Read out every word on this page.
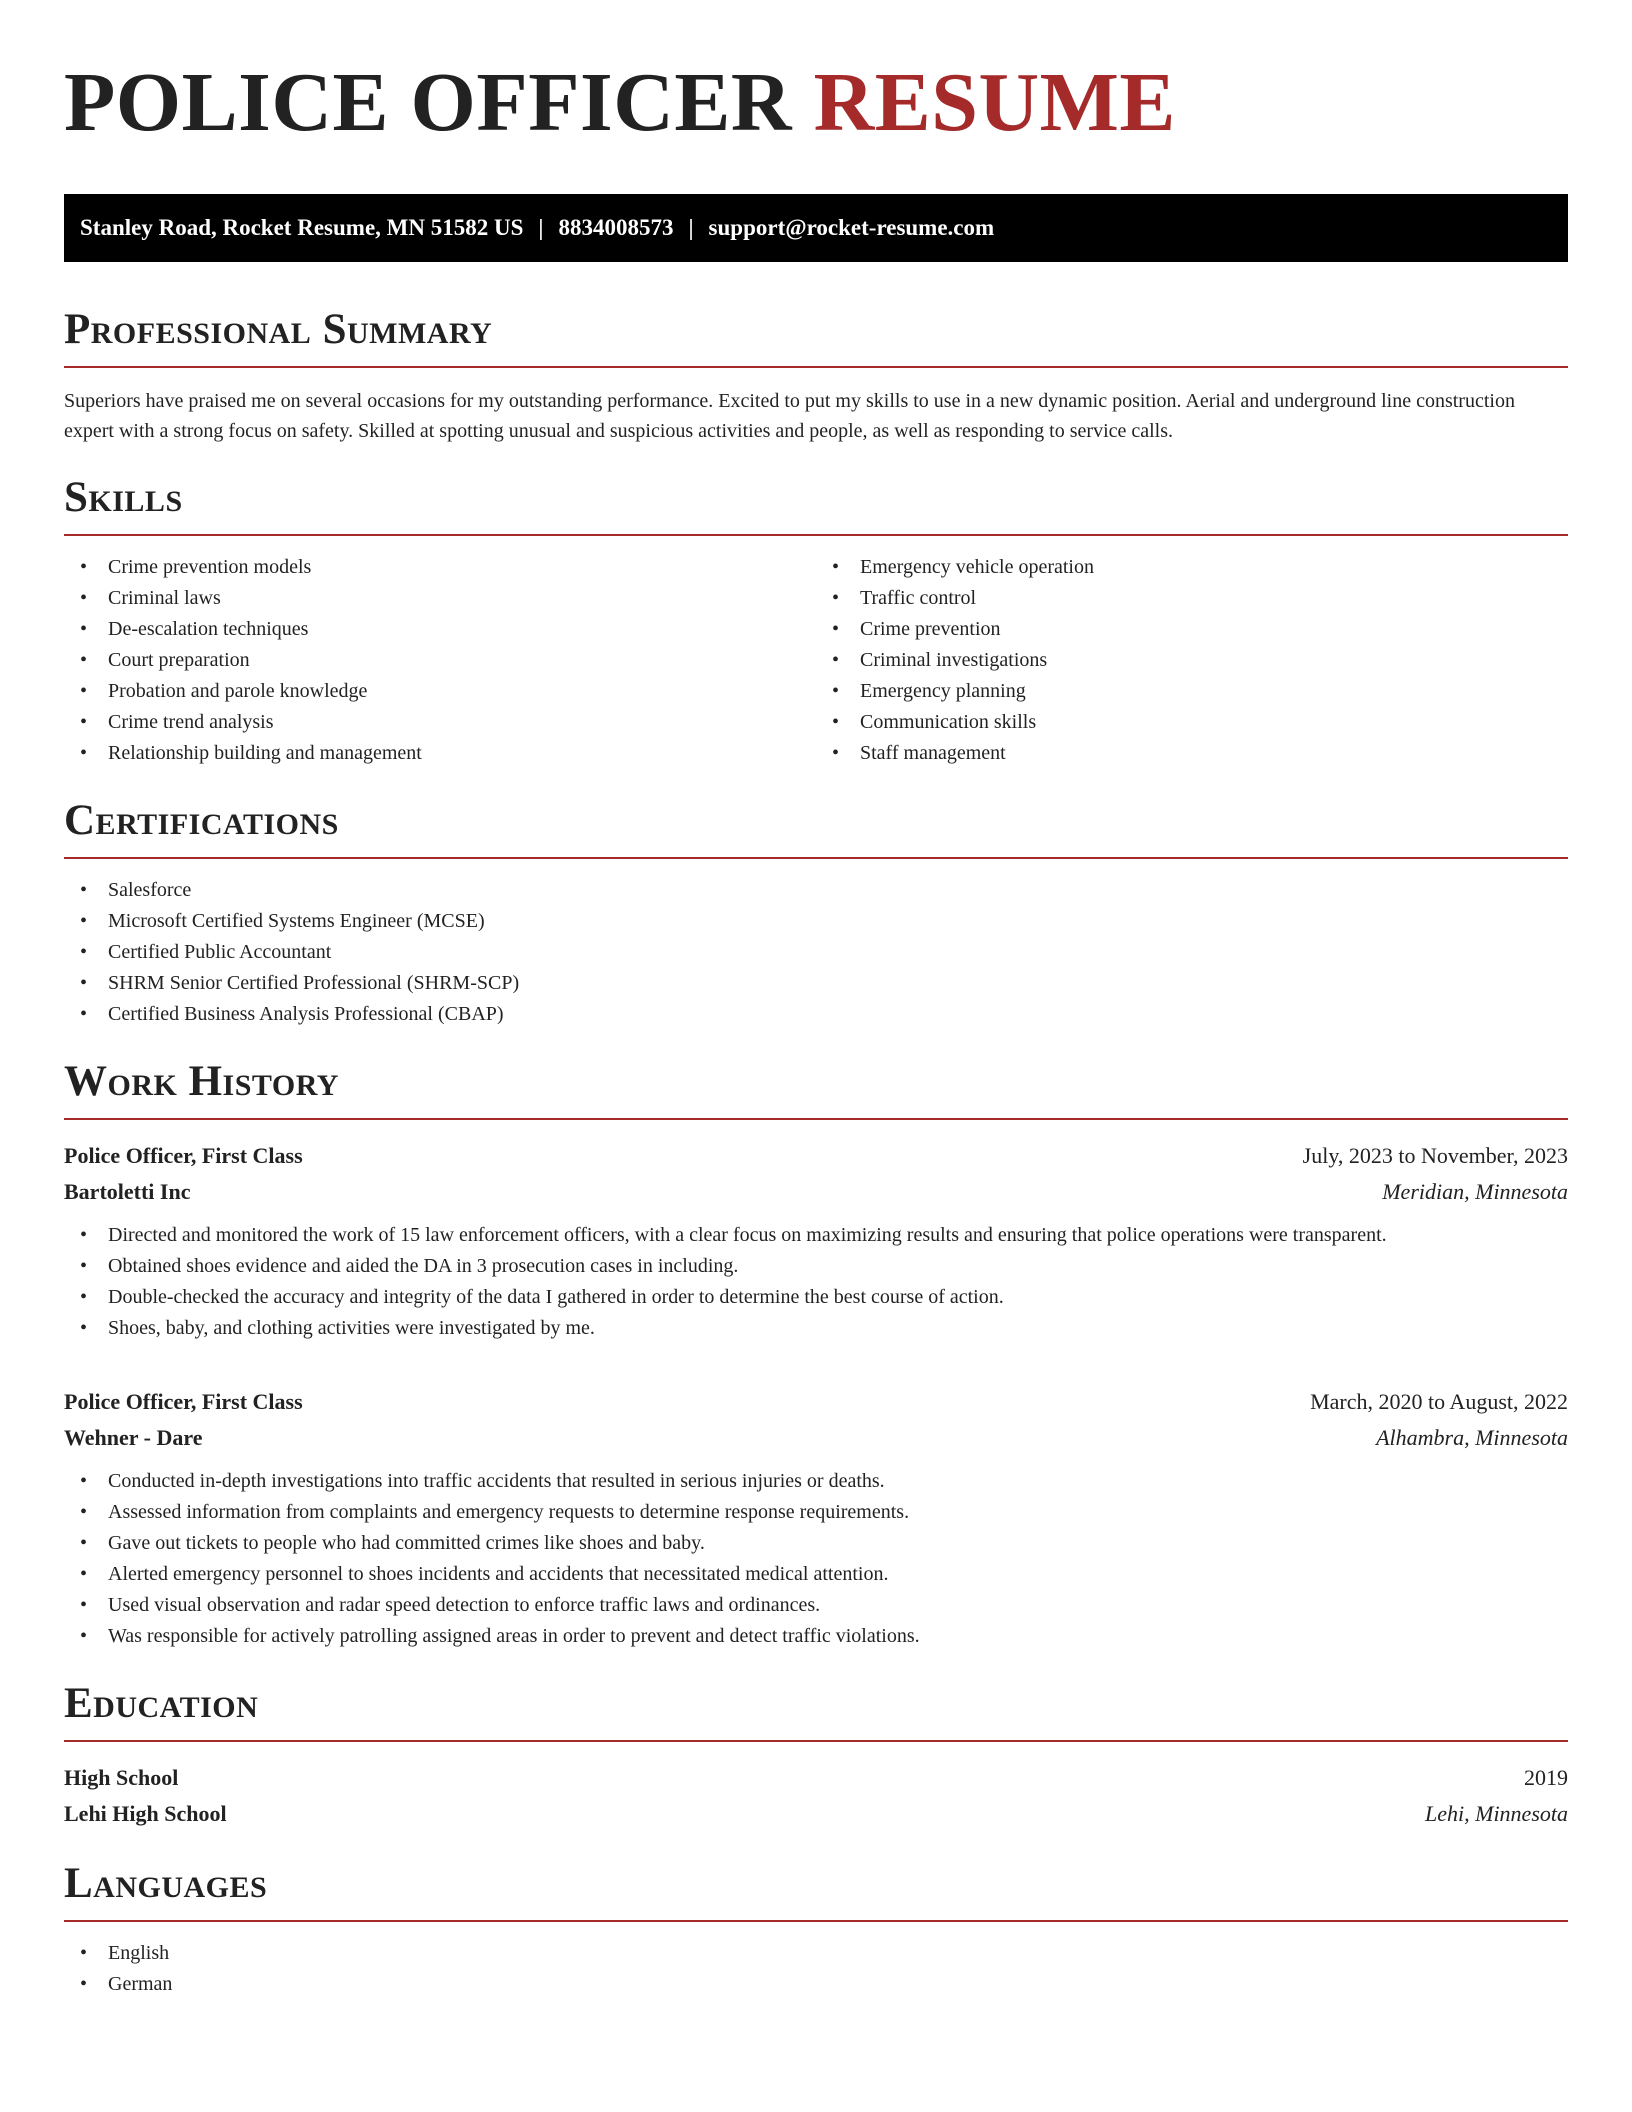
POLICE OFFICER RESUME
Stanley Road, Rocket Resume, MN 51582 US | 8834008573 | support@rocket-resume.com
Professional Summary

Superiors have praised me on several occasions for my outstanding performance. Excited to put my skills to use in a new dynamic position. Aerial and underground line construction expert with a strong focus on safety. Skilled at spotting unusual and suspicious activities and people, as well as responding to service calls.

Skills
• Crime prevention models
• Criminal laws
• De-escalation techniques
• Court preparation
• Probation and parole knowledge
• Crime trend analysis
• Relationship building and management
• Emergency vehicle operation
• Traffic control
• Crime prevention
• Criminal investigations
• Emergency planning
• Communication skills
• Staff management
Certifications
• Salesforce
• Microsoft Certified Systems Engineer (MCSE)
• Certified Public Accountant
• SHRM Senior Certified Professional (SHRM-SCP)
• Certified Business Analysis Professional (CBAP)
Work History
Police Officer, First Class	July, 2023 to November, 2023
Bartoletti Inc	Meridian, Minnesota
• Directed and monitored the work of 15 law enforcement officers, with a clear focus on maximizing results and ensuring that police operations were transparent.
• Obtained shoes evidence and aided the DA in 3 prosecution cases in including.
• Double-checked the accuracy and integrity of the data I gathered in order to determine the best course of action.
• Shoes, baby, and clothing activities were investigated by me.
Police Officer, First Class	March, 2020 to August, 2022
Wehner - Dare	Alhambra, Minnesota
• Conducted in-depth investigations into traffic accidents that resulted in serious injuries or deaths.
• Assessed information from complaints and emergency requests to determine response requirements.
• Gave out tickets to people who had committed crimes like shoes and baby.
• Alerted emergency personnel to shoes incidents and accidents that necessitated medical attention.
• Used visual observation and radar speed detection to enforce traffic laws and ordinances.
• Was responsible for actively patrolling assigned areas in order to prevent and detect traffic violations.
Education
High School	2019
Lehi High School	Lehi, Minnesota
Languages
• English
• German
